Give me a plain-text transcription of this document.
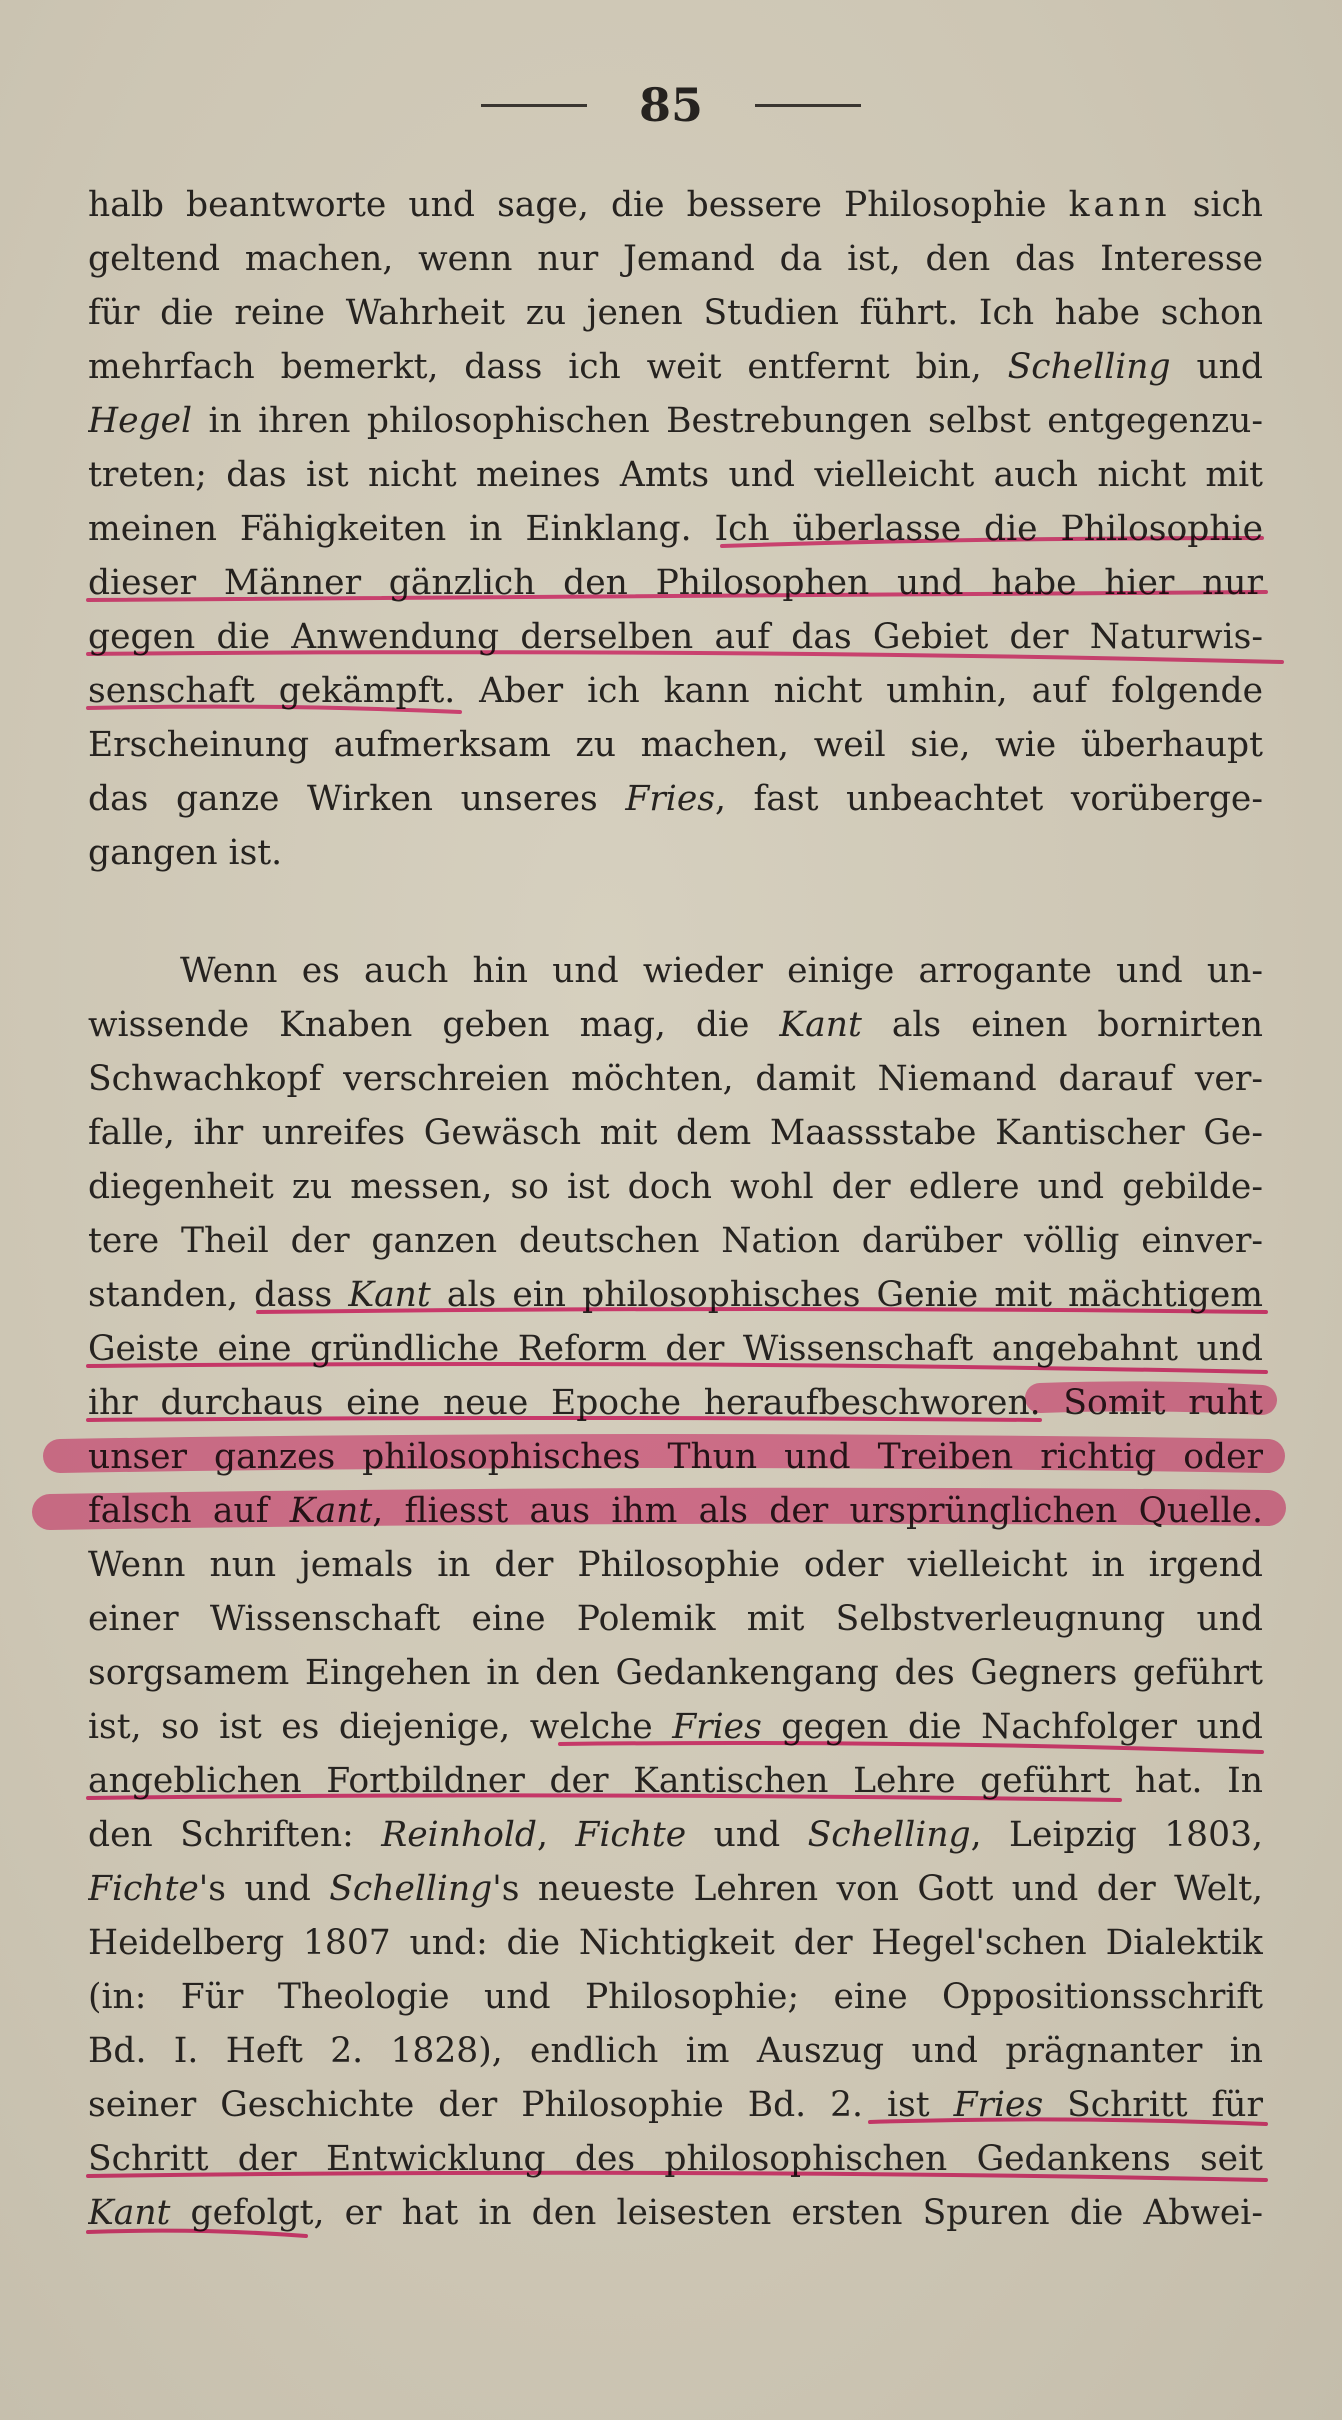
85
halb beantworte und sage, die bessere Philosophie kann sich
geltend machen, wenn nur Jemand da ist, den das Interesse
für die reine Wahrheit zu jenen Studien führt. Ich habe schon
mehrfach bemerkt, dass ich weit entfernt bin, Schelling und
Hegel in ihren philosophischen Bestrebungen selbst entgegenzu-
treten; das ist nicht meines Amts und vielleicht auch nicht mit
meinen Fähigkeiten in Einklang. Ich überlasse die Philosophie
dieser Männer gänzlich den Philosophen und habe hier nur
gegen die Anwendung derselben auf das Gebiet der Naturwis-
senschaft gekämpft. Aber ich kann nicht umhin, auf folgende
Erscheinung aufmerksam zu machen, weil sie, wie überhaupt
das ganze Wirken unseres Fries, fast unbeachtet vorüberge-
gangen ist.
Wenn es auch hin und wieder einige arrogante und un-
wissende Knaben geben mag, die Kant als einen bornirten
Schwachkopf verschreien möchten, damit Niemand darauf ver-
falle, ihr unreifes Gewäsch mit dem Maassstabe Kantischer Ge-
diegenheit zu messen, so ist doch wohl der edlere und gebilde-
tere Theil der ganzen deutschen Nation darüber völlig einver-
standen, dass Kant als ein philosophisches Genie mit mächtigem
Geiste eine gründliche Reform der Wissenschaft angebahnt und
ihr durchaus eine neue Epoche heraufbeschworen. Somit ruht
unser ganzes philosophisches Thun und Treiben richtig oder
falsch auf Kant, fliesst aus ihm als der ursprünglichen Quelle.
Wenn nun jemals in der Philosophie oder vielleicht in irgend
einer Wissenschaft eine Polemik mit Selbstverleugnung und
sorgsamem Eingehen in den Gedankengang des Gegners geführt
ist, so ist es diejenige, welche Fries gegen die Nachfolger und
angeblichen Fortbildner der Kantischen Lehre geführt hat. In
den Schriften: Reinhold, Fichte und Schelling, Leipzig 1803,
Fichte's und Schelling's neueste Lehren von Gott und der Welt,
Heidelberg 1807 und: die Nichtigkeit der Hegel'schen Dialektik
(in: Für Theologie und Philosophie; eine Oppositionsschrift
Bd. I. Heft 2. 1828), endlich im Auszug und prägnanter in
seiner Geschichte der Philosophie Bd. 2. ist Fries Schritt für
Schritt der Entwicklung des philosophischen Gedankens seit
Kant gefolgt, er hat in den leisesten ersten Spuren die Abwei-
